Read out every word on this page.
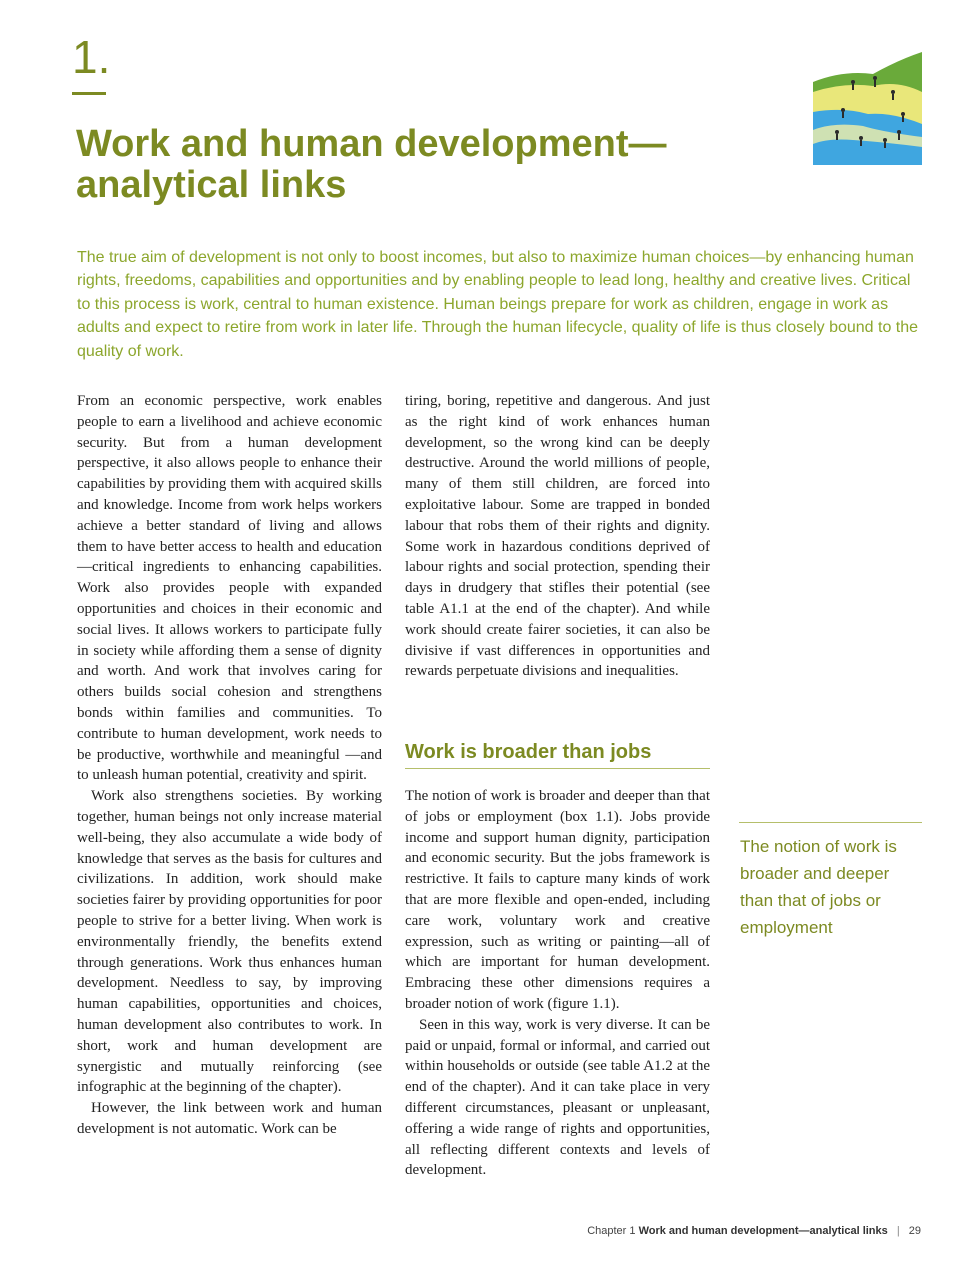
1.
Work and human development—
analytical links

The true aim of development is not only to boost incomes, but also to maximize human choices—by enhancing human rights, freedoms, capabilities and opportunities and by enabling people to lead long, healthy and creative lives. Critical to this process is work, central to human existence. Human beings prepare for work as children, engage in work as adults and expect to retire from work in later life. Through the human lifecycle, quality of life is thus closely bound to the quality of work.

From an economic perspective, work enables people to earn a livelihood and achieve economic security. But from a human development perspective, it also allows people to enhance their capabilities by providing them with acquired skills and knowledge. Income from work helps workers achieve a better standard of living and allows them to have better access to health and education—critical ingredients to enhancing capabilities. Work also provides people with expanded opportunities and choices in their economic and social lives. It allows workers to participate fully in society while affording them a sense of dignity and worth. And work that involves caring for others builds social cohesion and strengthens bonds within families and communities. To contribute to human development, work needs to be productive, worthwhile and meaningful —and to unleash human potential, creativity and spirit.

Work also strengthens societies. By working together, human beings not only increase material well-being, they also accumulate a wide body of knowledge that serves as the basis for cultures and civilizations. In addition, work should make societies fairer by providing opportunities for poor people to strive for a better living. When work is environmentally friendly, the benefits extend through generations. Work thus enhances human development. Needless to say, by improving human capabilities, opportunities and choices, human development also contributes to work. In short, work and human development are synergistic and mutually reinforcing (see infographic at the beginning of the chapter).

However, the link between work and human development is not automatic. Work can be

tiring, boring, repetitive and dangerous. And just as the right kind of work enhances human development, so the wrong kind can be deeply destructive. Around the world millions of people, many of them still children, are forced into exploitative labour. Some are trapped in bonded labour that robs them of their rights and dignity. Some work in hazardous conditions deprived of labour rights and social protection, spending their days in drudgery that stifles their potential (see table A1.1 at the end of the chapter). And while work should create fairer societies, it can also be divisive if vast differences in opportunities and rewards perpetuate divisions and inequalities.

Work is broader than jobs

The notion of work is broader and deeper than that of jobs or employment (box 1.1). Jobs provide income and support human dignity, participation and economic security. But the jobs framework is restrictive. It fails to capture many kinds of work that are more flexible and open-ended, including care work, voluntary work and creative expression, such as writing or painting—all of which are important for human development. Embracing these other dimensions requires a broader notion of work (figure 1.1).

Seen in this way, work is very diverse. It can be paid or unpaid, formal or informal, and carried out within households or outside (see table A1.2 at the end of the chapter). And it can take place in very different circumstances, pleasant or unpleasant, offering a wide range of rights and opportunities, all reflecting different contexts and levels of development.

The notion of work is broader and deeper than that of jobs or employment

Chapter 1 Work and human development—analytical links | 29
